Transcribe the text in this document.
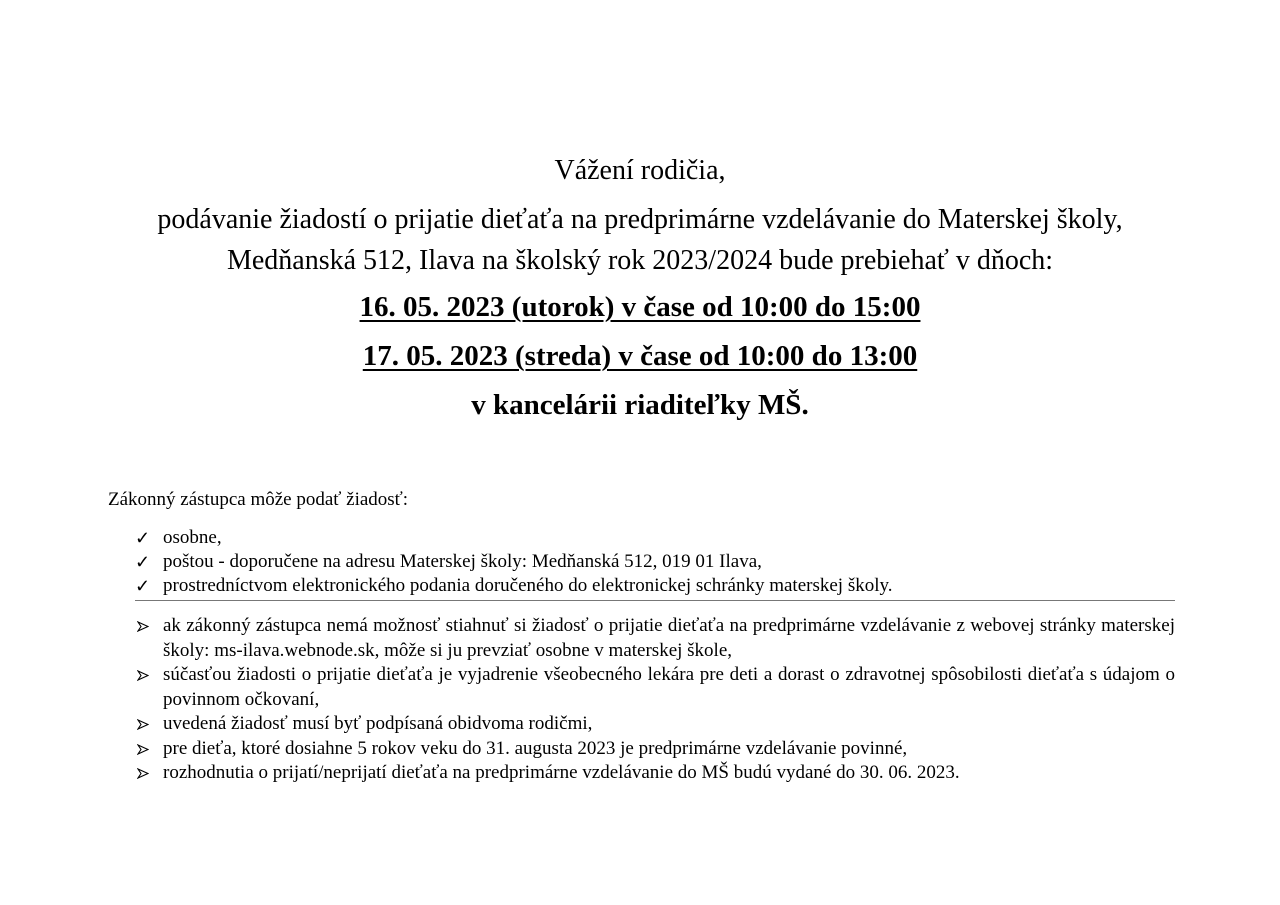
Vážení rodičia,
podávanie žiadostí o prijatie dieťaťa na predprimárne vzdelávanie do Materskej školy,
Medňanská 512, Ilava na školský rok 2023/2024 bude prebiehať v dňoch:
16. 05. 2023 (utorok) v čase od 10:00 do 15:00
17. 05. 2023 (streda) v čase od 10:00 do 13:00
v kancelárii riaditeľky MŠ.
Zákonný zástupca môže podať žiadosť:
✓ osobne,
✓ poštou - doporučene na adresu Materskej školy: Medňanská 512, 019 01 Ilava,
✓ prostredníctvom elektronického podania doručeného do elektronickej schránky materskej školy.
ak zákonný zástupca nemá možnosť stiahnuť si žiadosť o prijatie dieťaťa na predprimárne vzdelávanie z webovej stránky materskej školy: ms-ilava.webnode.sk, môže si ju prevziať osobne v materskej škole,
súčasťou žiadosti o prijatie dieťaťa je vyjadrenie všeobecného lekára pre deti a dorast o zdravotnej spôsobilosti dieťaťa s údajom o povinnom očkovaní,
uvedená žiadosť musí byť podpísaná obidvoma rodičmi,
pre dieťa, ktoré dosiahne 5 rokov veku do 31. augusta 2023 je predprimárne vzdelávanie povinné,
rozhodnutia o prijatí/neprijatí dieťaťa na predprimárne vzdelávanie do MŠ budú vydané do 30. 06. 2023.
